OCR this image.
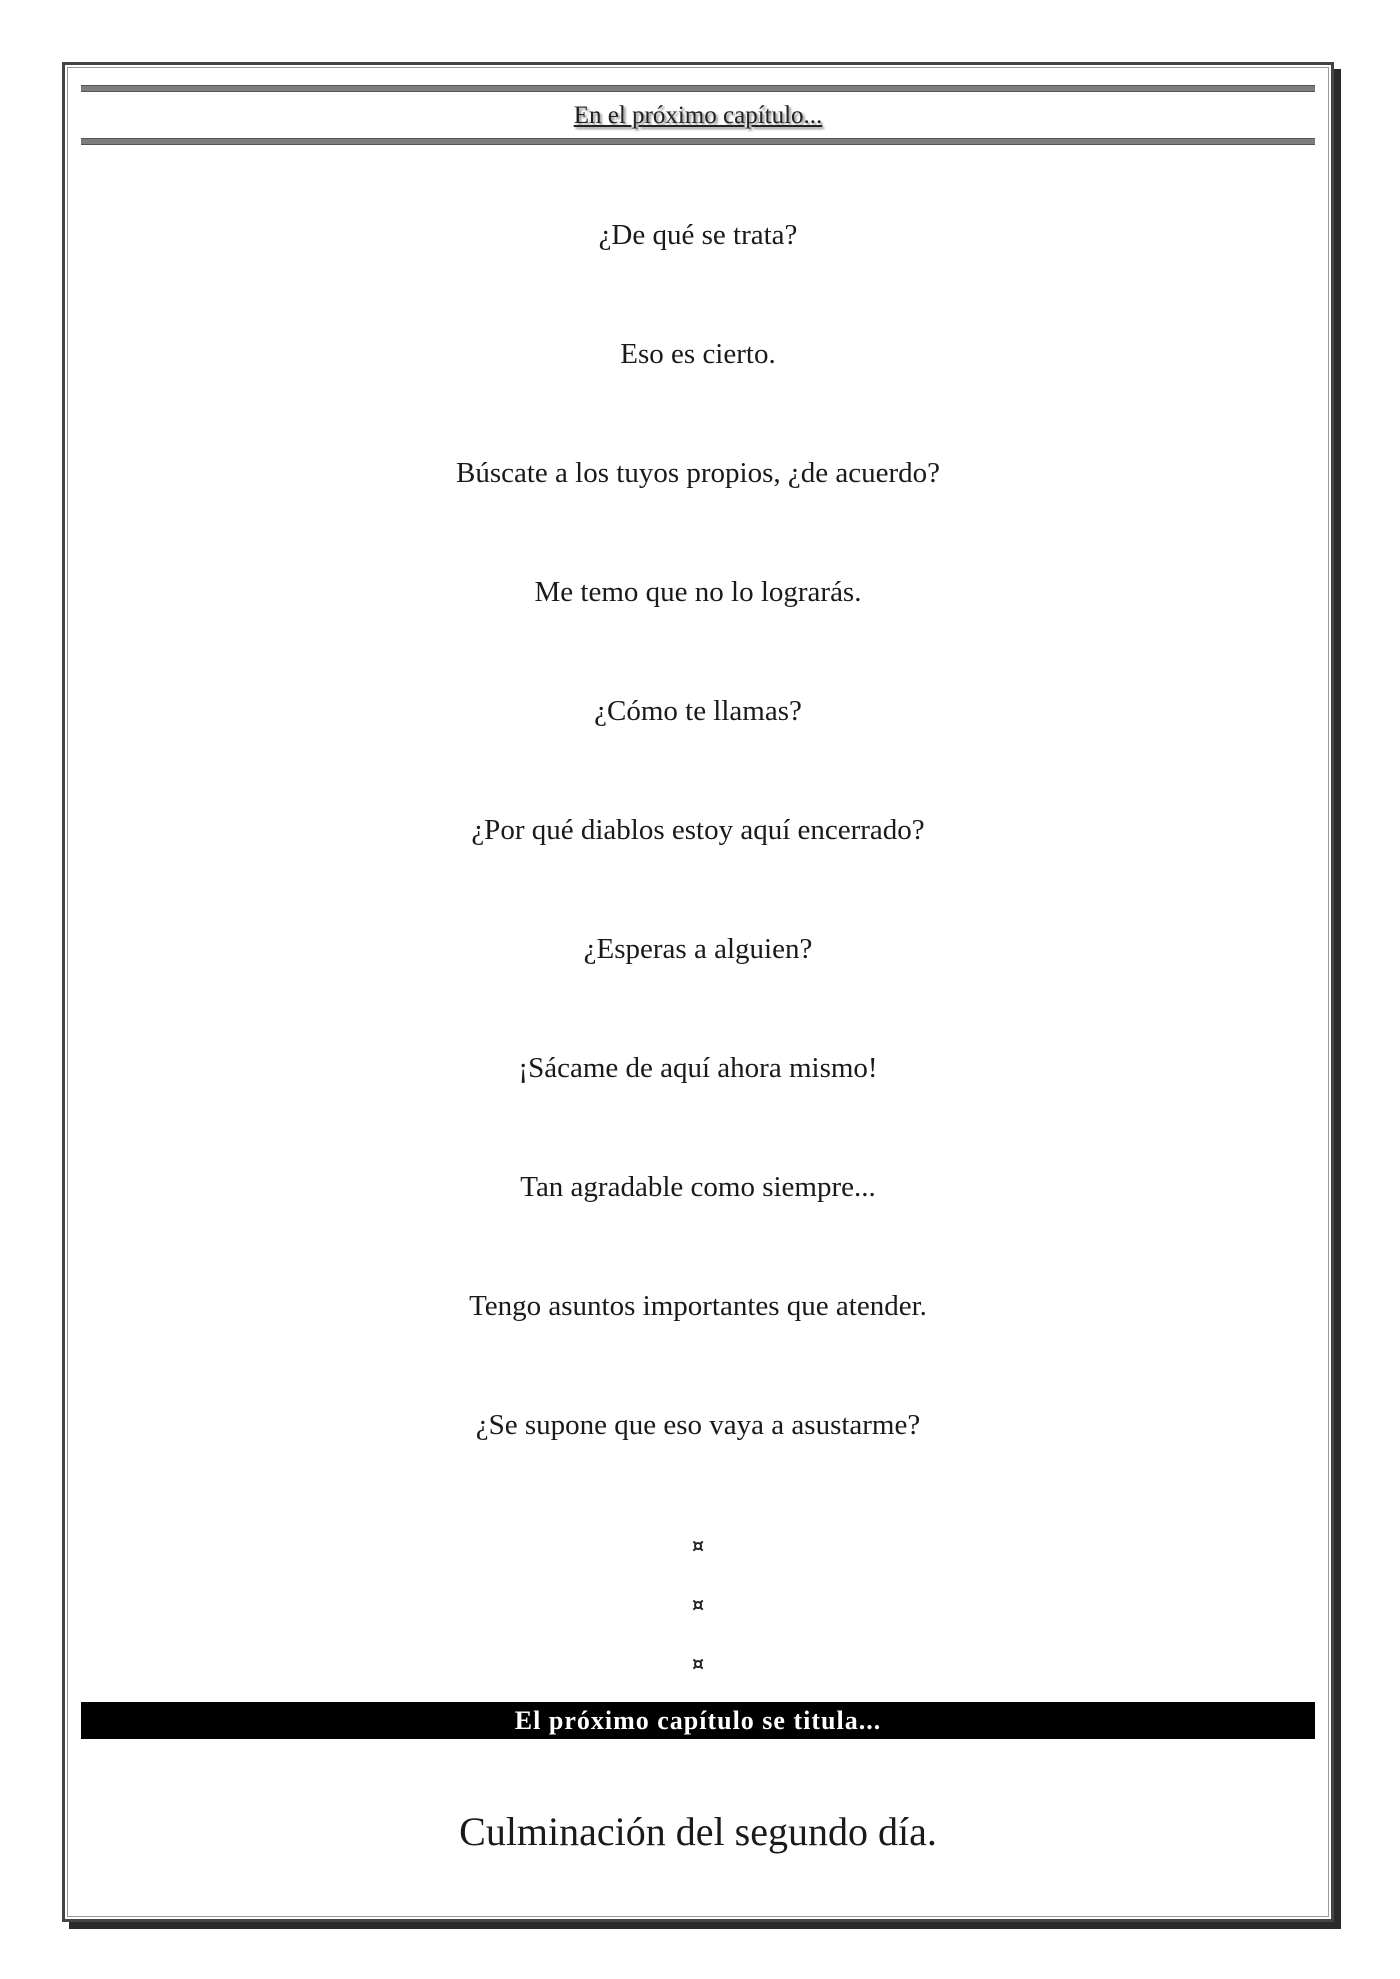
En el próximo capítulo...
¿De qué se trata?
Eso es cierto.
Búscate a los tuyos propios, ¿de acuerdo?
Me temo que no lo lograrás.
¿Cómo te llamas?
¿Por qué diablos estoy aquí encerrado?
¿Esperas a alguien?
¡Sácame de aquí ahora mismo!
Tan agradable como siempre...
Tengo asuntos importantes que atender.
¿Se supone que eso vaya a asustarme?
¤
¤
¤
El próximo capítulo se titula...
Culminación del segundo día.
